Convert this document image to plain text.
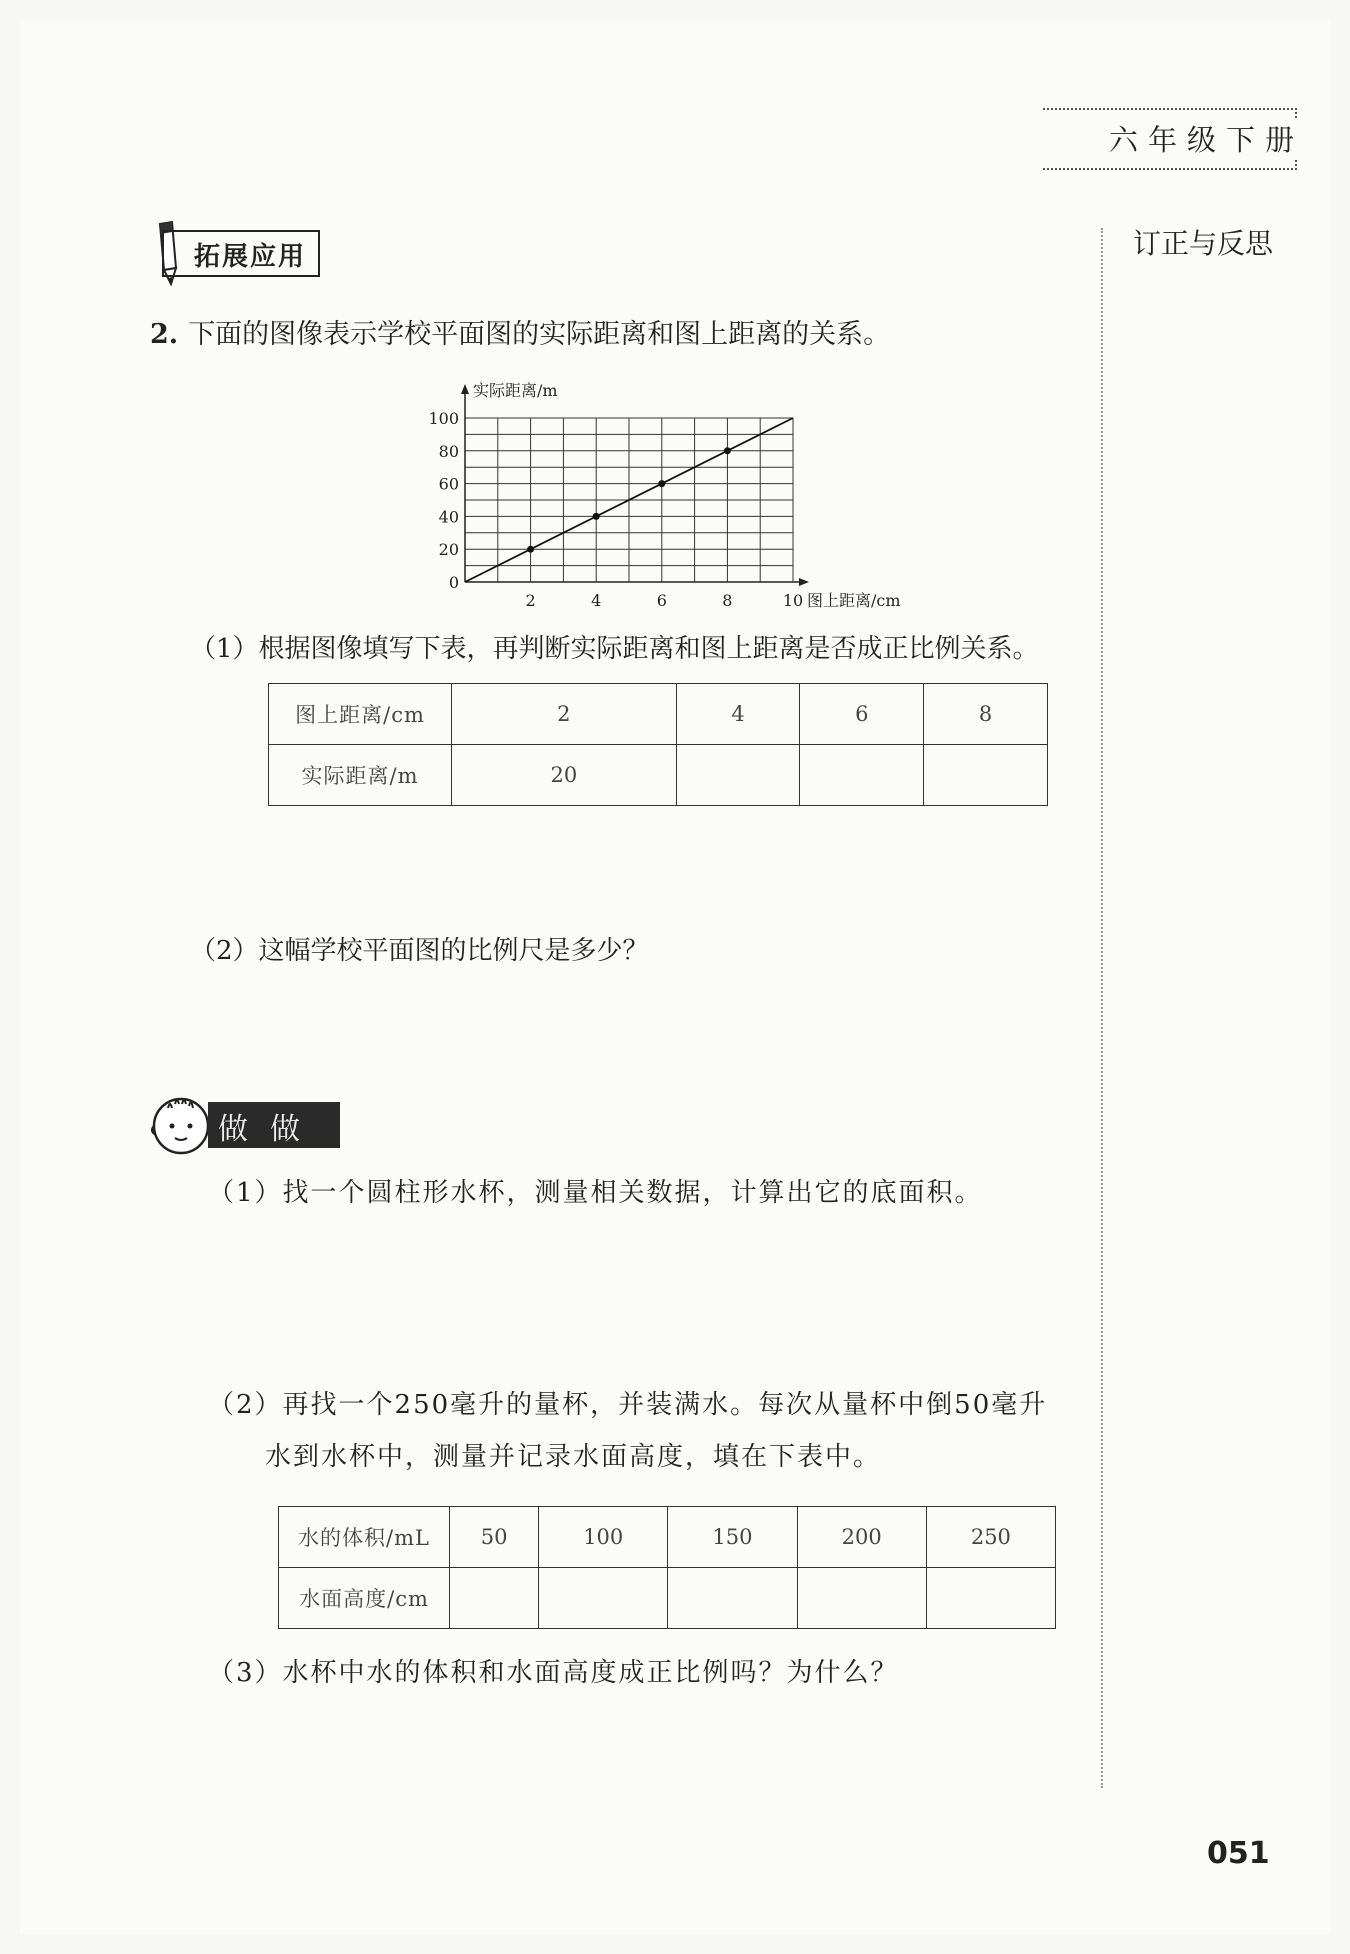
六年级下册
订正与反思
拓展应用
2. 下面的图像表示学校平面图的实际距离和图上距离的关系。
0
20
40
60
80
100
2	4	6	8	10
实际距离/m
图上距离/cm
（1）根据图像填写下表，再判断实际距离和图上距离是否成正比例关系。
图上距离/cm	2	4	6	8
实际距离/m	20			
（2）这幅学校平面图的比例尺是多少？
做做
（1）找一个圆柱形水杯，测量相关数据，计算出它的底面积。
（2）再找一个250毫升的量杯，并装满水。每次从量杯中倒50毫升
水到水杯中，测量并记录水面高度，填在下表中。
水的体积/mL	50	100	150	200	250
水面高度/cm					
（3）水杯中水的体积和水面高度成正比例吗？为什么？
051
